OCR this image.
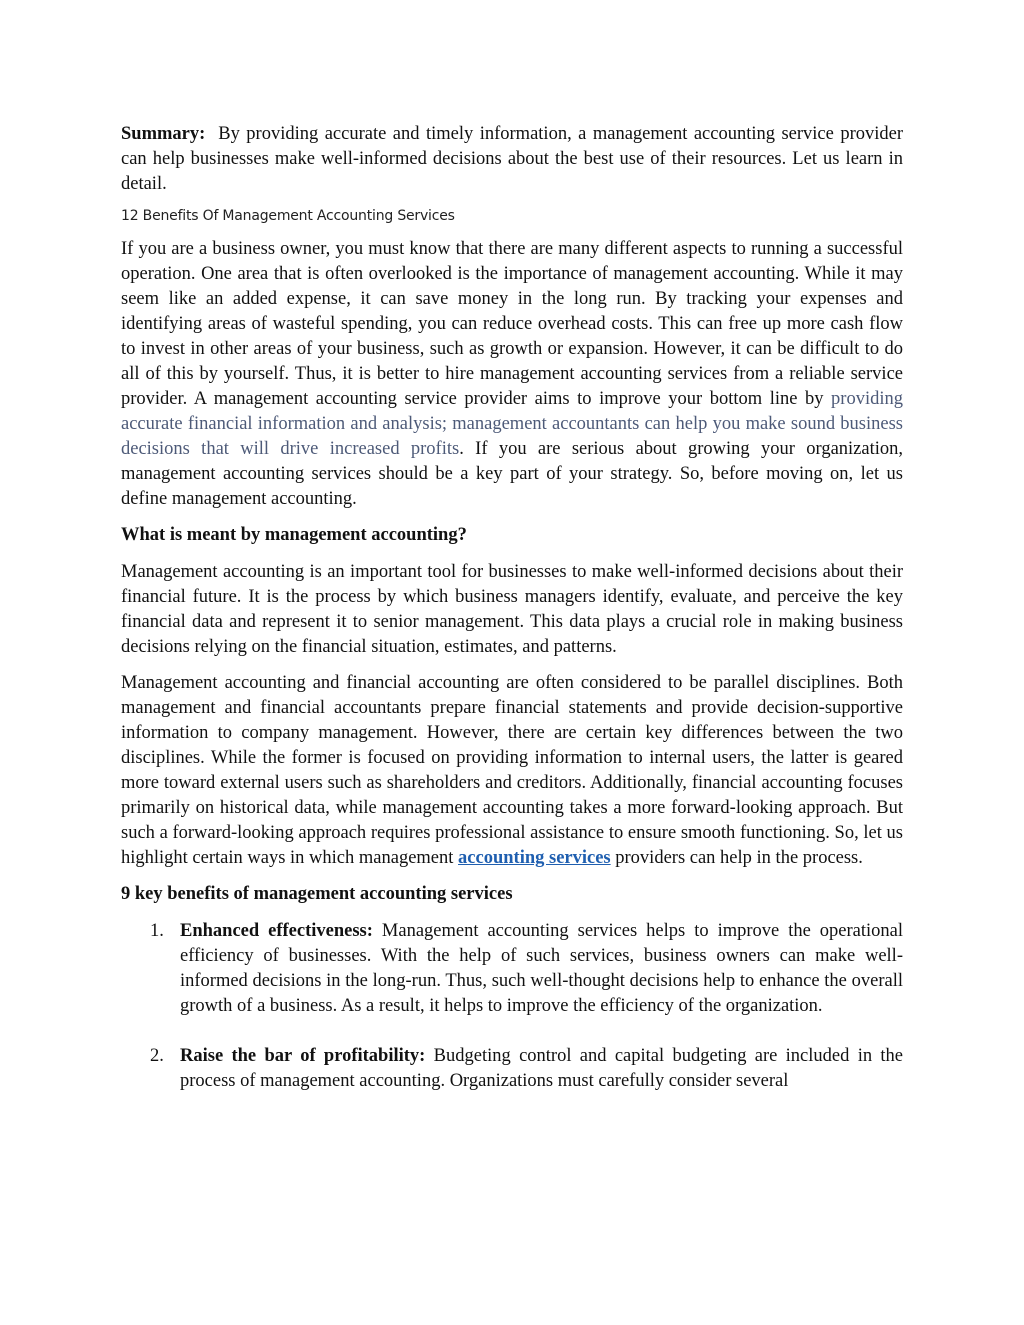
Summary: By providing accurate and timely information, a management accounting service provider can help businesses make well-informed decisions about the best use of their resources. Let us learn in detail.

12 Benefits Of Management Accounting Services

If you are a business owner, you must know that there are many different aspects to running a successful operation. One area that is often overlooked is the importance of management accounting. While it may seem like an added expense, it can save money in the long run. By tracking your expenses and identifying areas of wasteful spending, you can reduce overhead costs. This can free up more cash flow to invest in other areas of your business, such as growth or expansion. However, it can be difficult to do all of this by yourself. Thus, it is better to hire management accounting services from a reliable service provider. A management accounting service provider aims to improve your bottom line by providing accurate financial information and analysis; management accountants can help you make sound business decisions that will drive increased profits. If you are serious about growing your organization, management accounting services should be a key part of your strategy. So, before moving on, let us define management accounting.

What is meant by management accounting?

Management accounting is an important tool for businesses to make well-informed decisions about their financial future. It is the process by which business managers identify, evaluate, and perceive the key financial data and represent it to senior management. This data plays a crucial role in making business decisions relying on the financial situation, estimates, and patterns.

Management accounting and financial accounting are often considered to be parallel disciplines. Both management and financial accountants prepare financial statements and provide decision-supportive information to company management. However, there are certain key differences between the two disciplines. While the former is focused on providing information to internal users, the latter is geared more toward external users such as shareholders and creditors. Additionally, financial accounting focuses primarily on historical data, while management accounting takes a more forward-looking approach. But such a forward-looking approach requires professional assistance to ensure smooth functioning. So, let us highlight certain ways in which management accounting services providers can help in the process.

9 key benefits of management accounting services

1. Enhanced effectiveness: Management accounting services helps to improve the operational efficiency of businesses. With the help of such services, business owners can make well-informed decisions in the long-run. Thus, such well-thought decisions help to enhance the overall growth of a business. As a result, it helps to improve the efficiency of the organization.
2. Raise the bar of profitability: Budgeting control and capital budgeting are included in the process of management accounting. Organizations must carefully consider several
